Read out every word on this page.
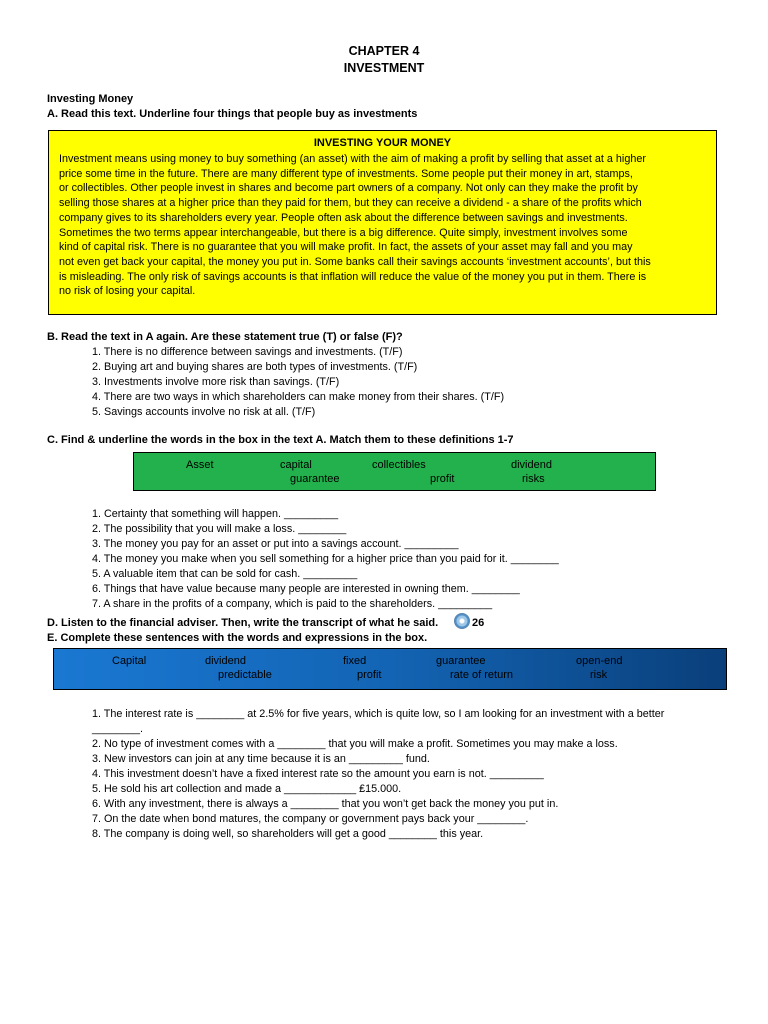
CHAPTER 4
INVESTMENT
Investing Money
A. Read this text. Underline four things that people buy as investments
INVESTING YOUR MONEY
Investment means using money to buy something (an asset) with the aim of making a profit by selling that asset at a higher
price some time in the future. There are many different type of investments. Some people put their money in art, stamps,
or collectibles. Other people invest in shares and become part owners of a company. Not only can they make the profit by
selling those shares at a higher price than they paid for them, but they can receive a dividend - a share of the profits which
company gives to its shareholders every year. People often ask about the difference between savings and investments.
Sometimes the two terms appear interchangeable, but there is a big difference. Quite simply, investment involves some
kind of capital risk. There is no guarantee that you will make profit. In fact, the assets of your asset may fall and you may
not even get back your capital, the money you put in. Some banks call their savings accounts ‘investment accounts’, but this
is misleading. The only risk of savings accounts is that inflation will reduce the value of the money you put in them. There is
no risk of losing your capital.
B. Read the text in A again. Are these statement true (T) or false (F)?
1. There is no difference between savings and investments. (T/F)
2. Buying art and buying shares are both types of investments. (T/F)
3. Investments involve more risk than savings. (T/F)
4. There are two ways in which shareholders can make money from their shares. (T/F)
5. Savings accounts involve no risk at all. (T/F)
C. Find & underline the words in the box in the text A. Match them to these definitions 1-7
Asset	capital	collectibles	dividend
guarantee	profit	risks
1. Certainty that something will happen. _________
2. The possibility that you will make a loss. ________
3. The money you pay for an asset or put into a savings account. _________
4. The money you make when you sell something for a higher price than you paid for it. ________
5. A valuable item that can be sold for cash. _________
6. Things that have value because many people are interested in owning them. ________
7. A share in the profits of a company, which is paid to the shareholders. _________
D. Listen to the financial adviser. Then, write the transcript of what he said.	26
E. Complete these sentences with the words and expressions in the box.
Capital	dividend	fixed	guarantee	open-end
predictable	profit	rate of return	risk
1. The interest rate is ________ at 2.5% for five years, which is quite low, so I am looking for an investment with a better
________.
2. No type of investment comes with a ________ that you will make a profit. Sometimes you may make a loss.
3. New investors can join at any time because it is an _________ fund.
4. This investment doesn’t have a fixed interest rate so the amount you earn is not. _________
5. He sold his art collection and made a ____________ ₤15.000.
6. With any investment, there is always a ________ that you won’t get back the money you put in.
7. On the date when bond matures, the company or government pays back your ________.
8. The company is doing well, so shareholders will get a good ________ this year.
